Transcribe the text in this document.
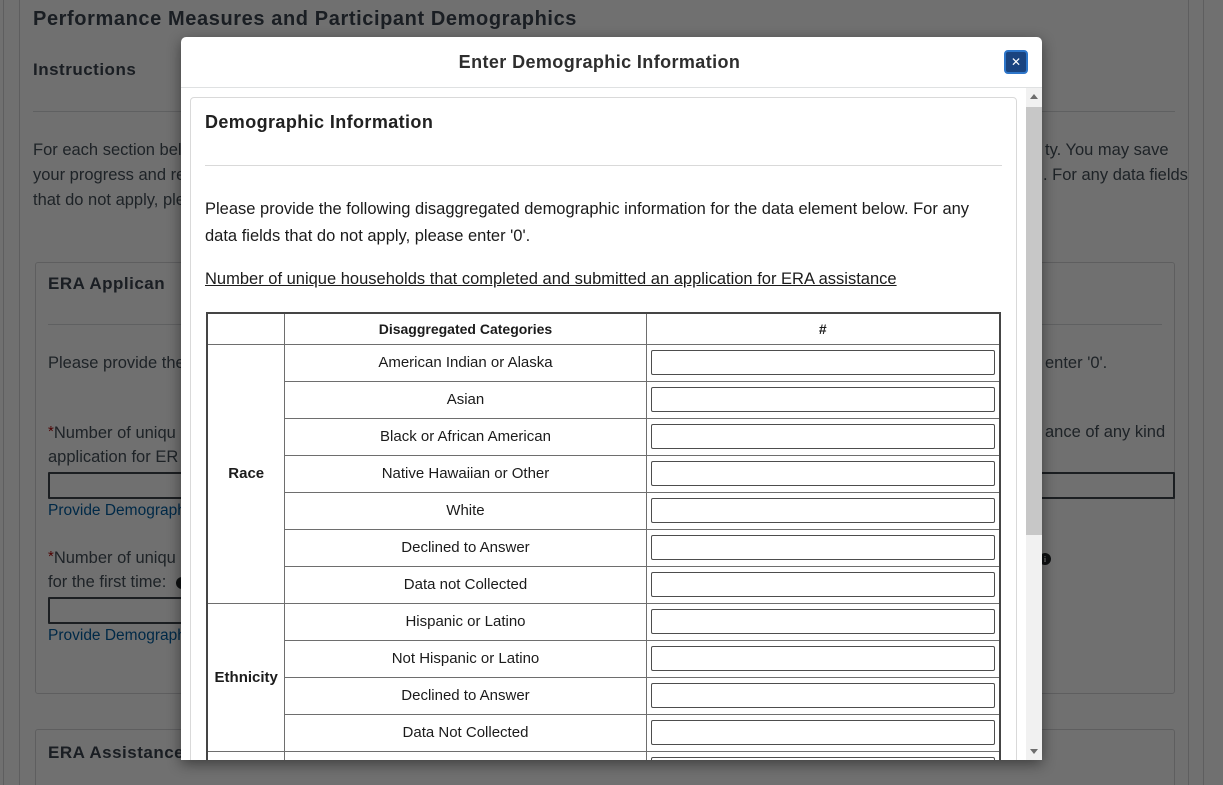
Enter Demographic Information	✕
Demographic Information

Please provide the following disaggregated demographic information for the data element below. For any data fields that do not apply, please enter '0'.

Number of unique households that completed and submitted an application for ERA assistance
	Disaggregated Categories	#
Race	American Indian or Alaska	

	Asian	

	Black or African American	

	Native Hawaiian or Other	

	White	

	Declined to Answer	

	Data not Collected	

Ethnicity	Hispanic or Latino	

	Not Hispanic or Latino	

	Declined to Answer	

	Data Not Collected	
